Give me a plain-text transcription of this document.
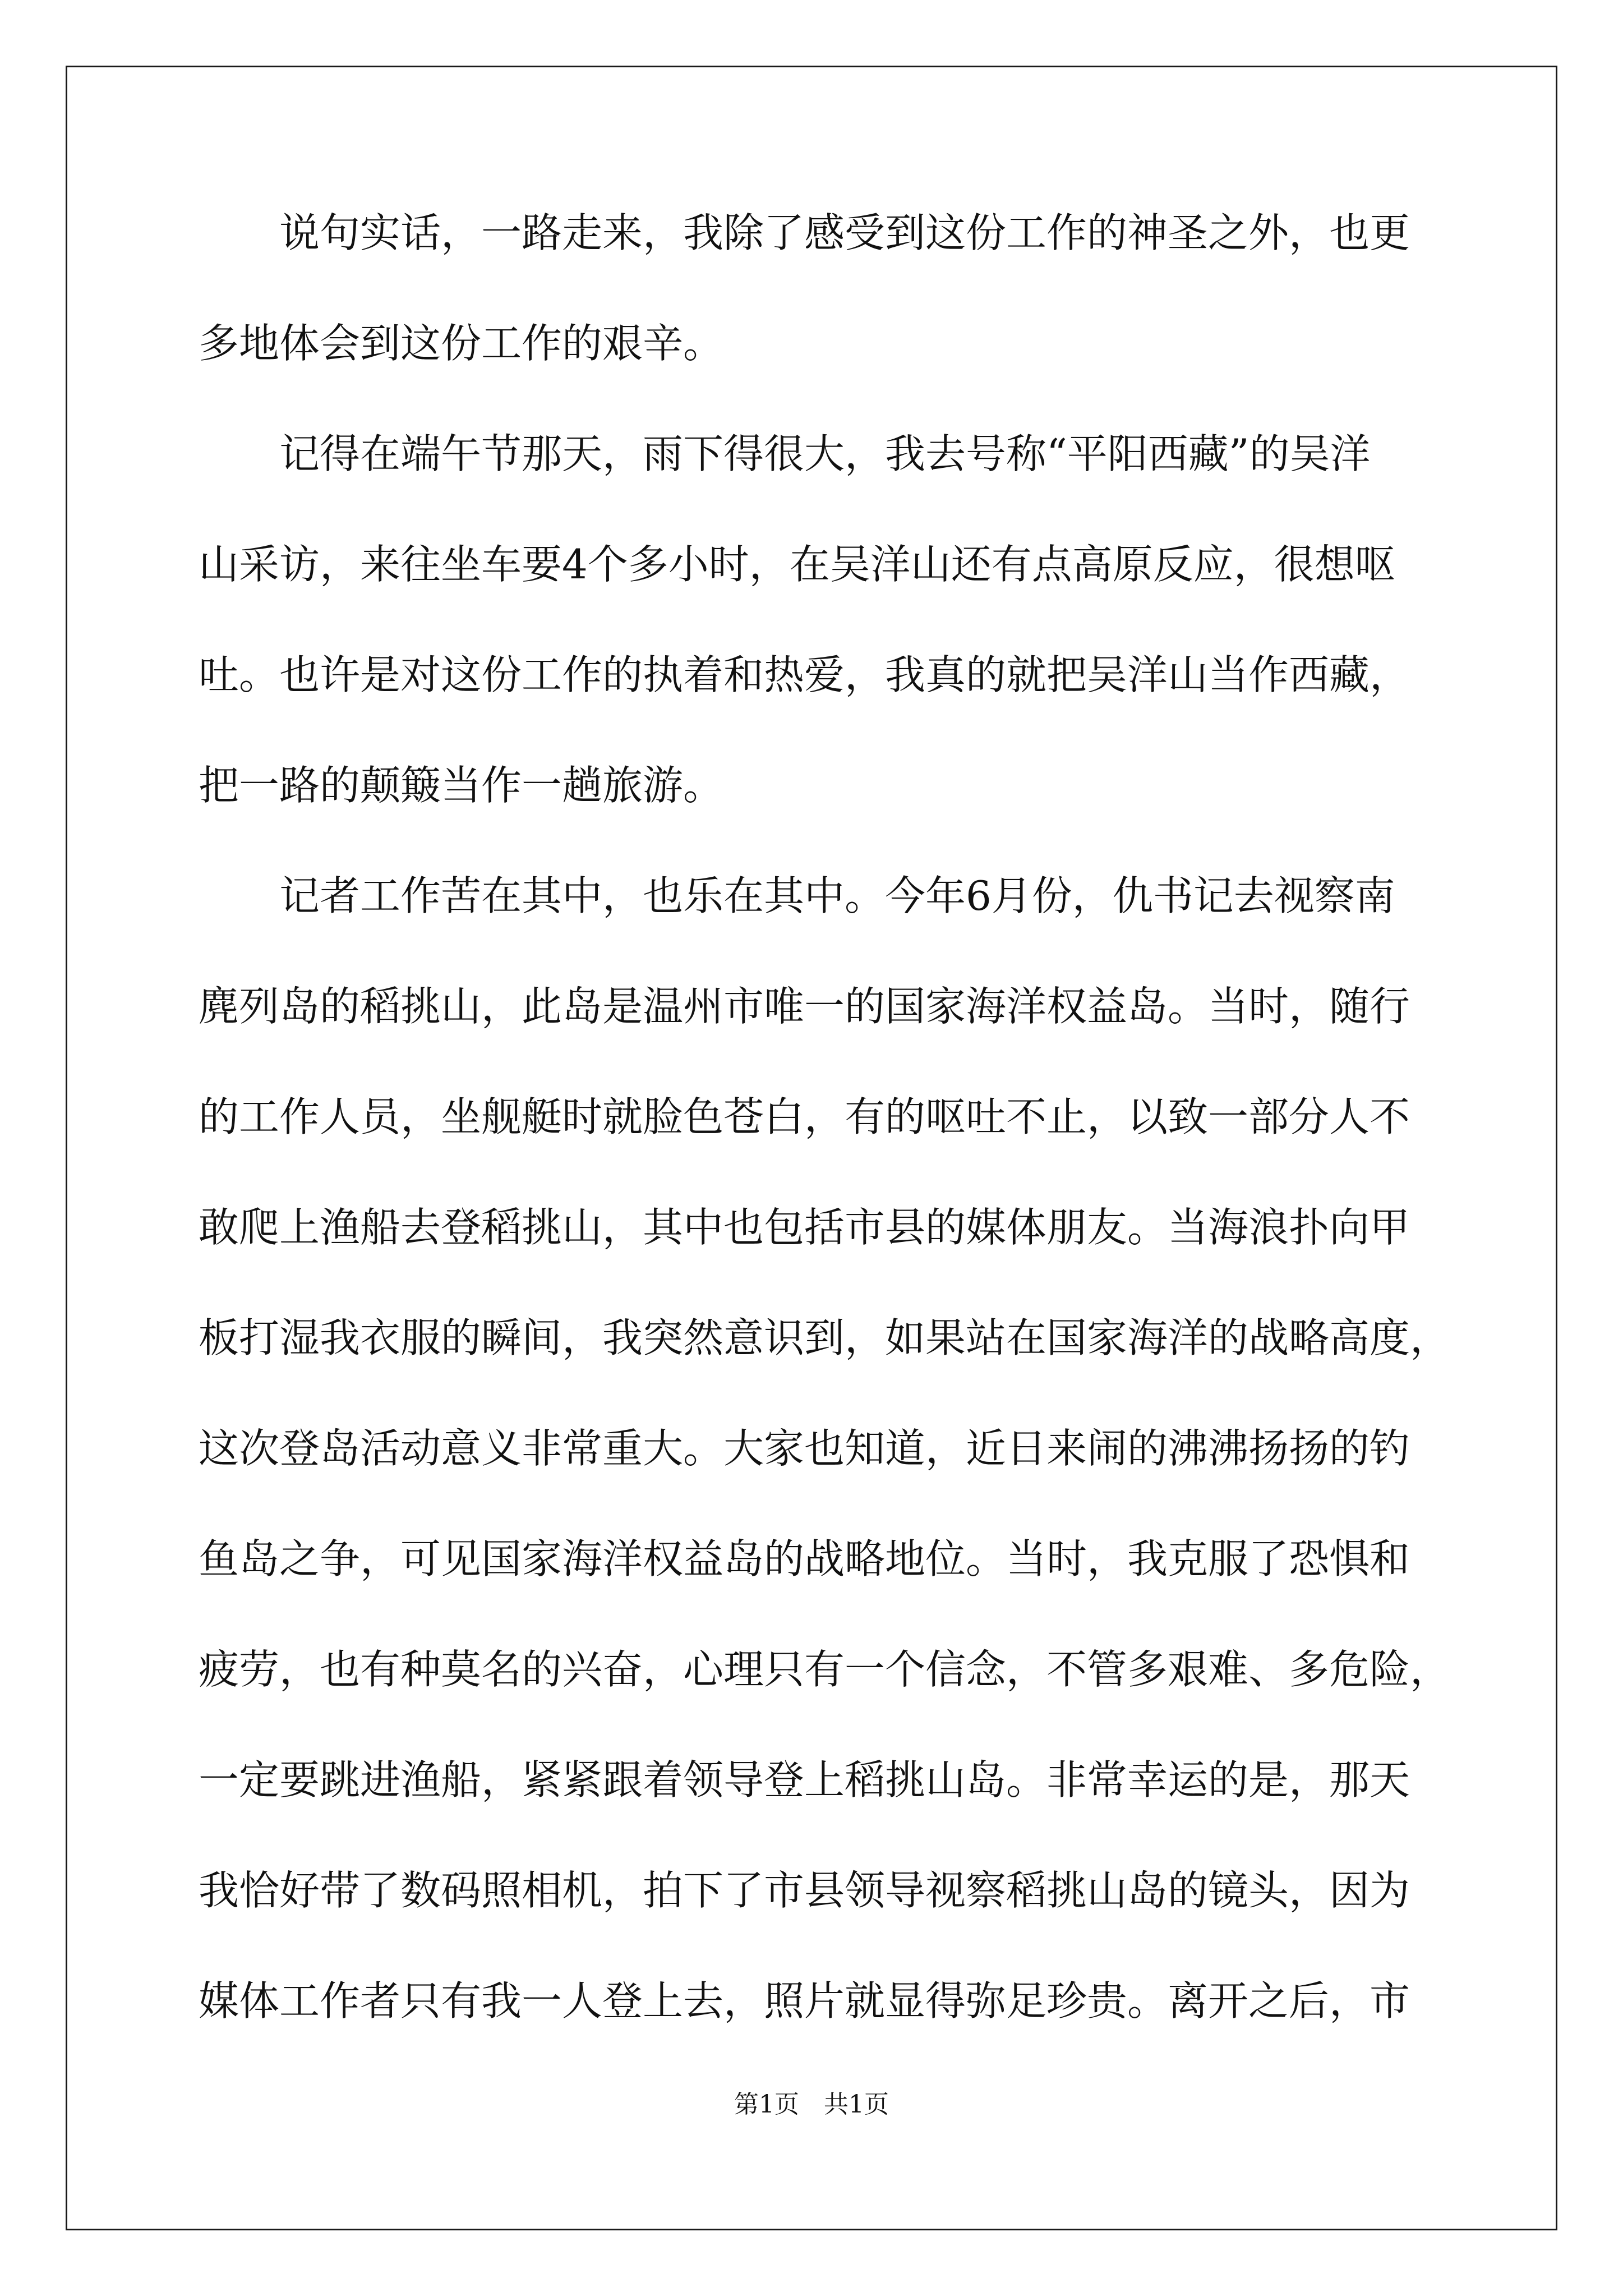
　　说句实话，一路走来，我除了感受到这份工作的神圣之外，也更
多地体会到这份工作的艰辛。
　　记得在端午节那天，雨下得很大，我去号称“平阳西藏”的吴洋
山采访，来往坐车要4个多小时，在吴洋山还有点高原反应，很想呕
吐。也许是对这份工作的执着和热爱，我真的就把吴洋山当作西藏，
把一路的颠簸当作一趟旅游。
　　记者工作苦在其中，也乐在其中。今年6月份，仇书记去视察南
麂列岛的稻挑山，此岛是温州市唯一的国家海洋权益岛。当时，随行
的工作人员，坐舰艇时就脸色苍白，有的呕吐不止，以致一部分人不
敢爬上渔船去登稻挑山，其中也包括市县的媒体朋友。当海浪扑向甲
板打湿我衣服的瞬间，我突然意识到，如果站在国家海洋的战略高度，
这次登岛活动意义非常重大。大家也知道，近日来闹的沸沸扬扬的钓
鱼岛之争，可见国家海洋权益岛的战略地位。当时，我克服了恐惧和
疲劳，也有种莫名的兴奋，心理只有一个信念，不管多艰难、多危险，
一定要跳进渔船，紧紧跟着领导登上稻挑山岛。非常幸运的是，那天
我恰好带了数码照相机，拍下了市县领导视察稻挑山岛的镜头，因为
媒体工作者只有我一人登上去，照片就显得弥足珍贵。离开之后，市
第1页　共1页
